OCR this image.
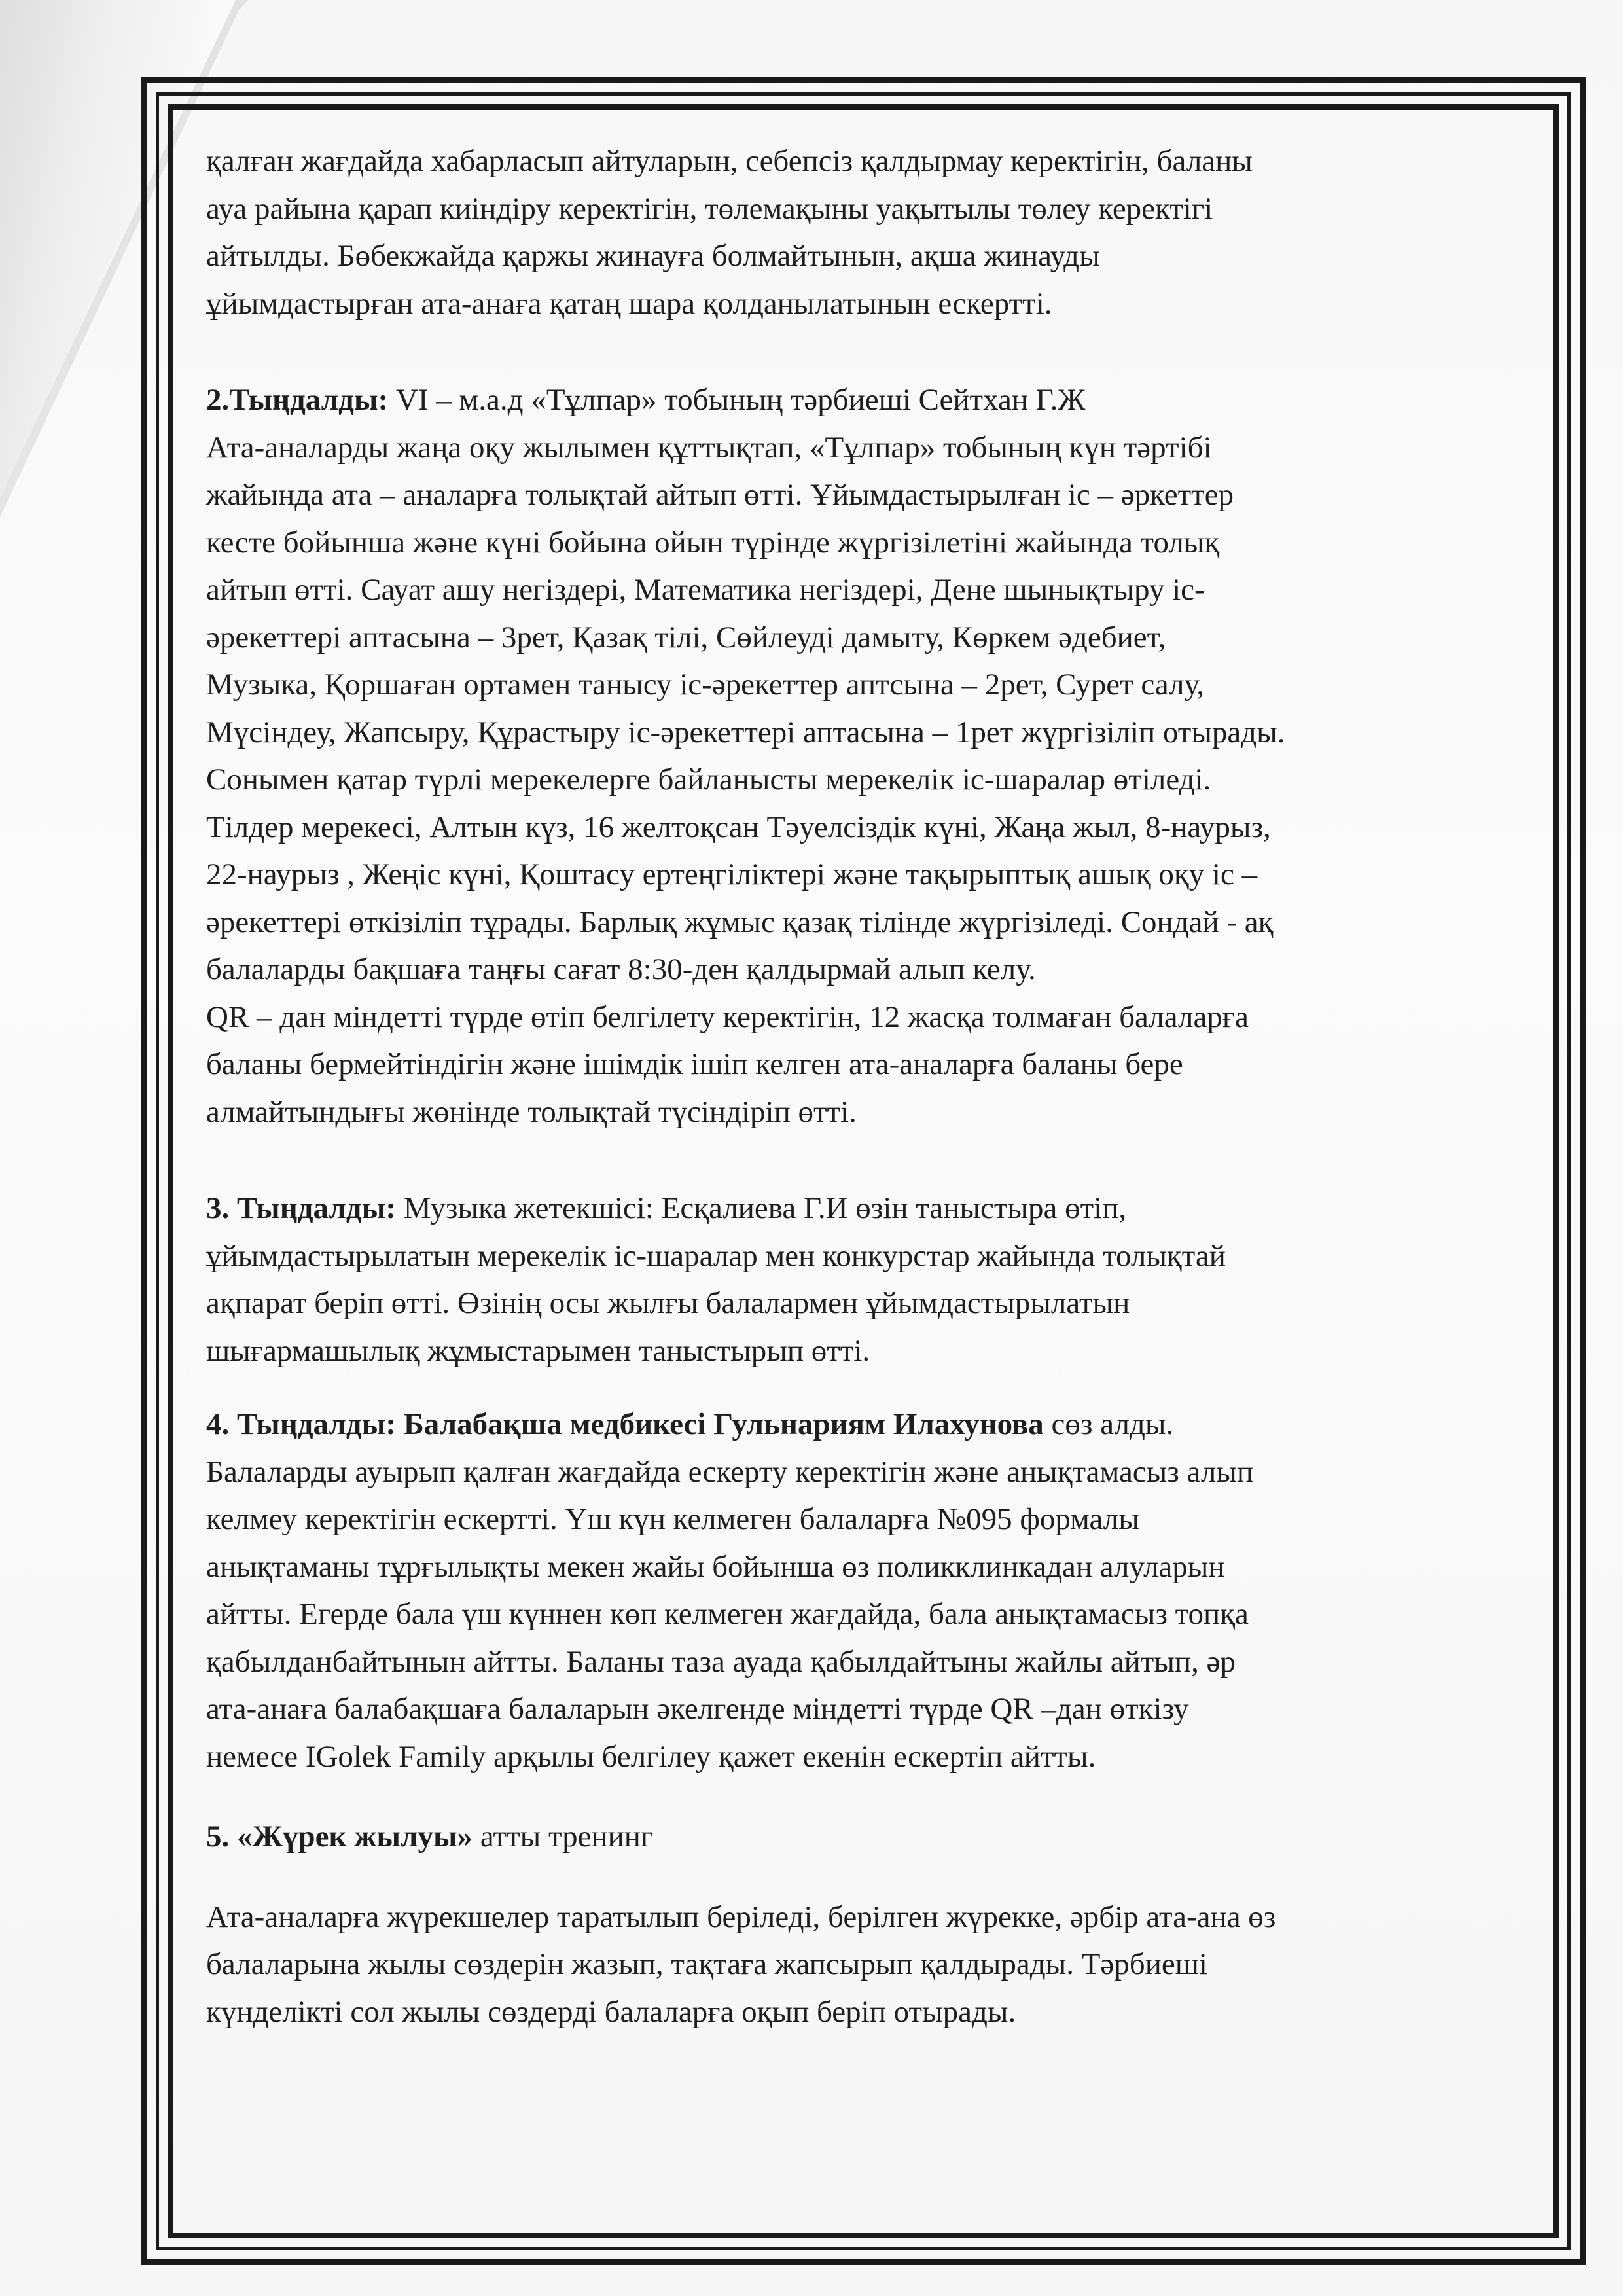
қалған жағдайда хабарласып айтуларын, себепсіз қалдырмау керектігін, баланы

ауа райына қарап киіндіру керектігін, төлемақыны уақытылы төлеу керектігі

айтылды. Бөбекжайда қаржы жинауға болмайтынын, ақша жинауды

ұйымдастырған ата-анаға қатаң шара қолданылатынын ескертті.

2.Тыңдалды: VI – м.а.д «Тұлпар» тобының тәрбиеші Сейтхан Г.Ж

Ата-аналарды жаңа оқу жылымен құттықтап, «Тұлпар» тобының күн тәртібі

жайында ата – аналарға толықтай айтып өтті. Ұйымдастырылған іс – әркеттер

кесте бойынша және күні бойына ойын түрінде жүргізілетіні жайында толық

айтып өтті. Сауат ашу негіздері, Математика негіздері, Дене шынықтыру іс-

әрекеттері аптасына – 3рет, Қазақ тілі, Сөйлеуді дамыту, Көркем әдебиет,

Музыка, Қоршаған ортамен танысу іс-әрекеттер аптсына – 2рет, Сурет салу,

Мүсіндеу, Жапсыру, Құрастыру іс-әрекеттері аптасына – 1рет жүргізіліп отырады.

Сонымен қатар түрлі мерекелерге байланысты мерекелік іс-шаралар өтіледі.

Тілдер мерекесі, Алтын күз, 16 желтоқсан Тәуелсіздік күні, Жаңа жыл, 8-наурыз,

22-наурыз , Жеңіс күні, Қоштасу ертеңгіліктері және тақырыптық ашық оқу іс –

әрекеттері өткізіліп тұрады. Барлық жұмыс қазақ тілінде жүргізіледі. Сондай - ақ

балаларды бақшаға таңғы сағат 8:30-ден қалдырмай алып келу.

QR – дан міндетті түрде өтіп белгілету керектігін, 12 жасқа толмаған балаларға

баланы бермейтіндігін және ішімдік ішіп келген ата-аналарға баланы бере

алмайтындығы жөнінде толықтай түсіндіріп өтті.

3. Тыңдалды: Музыка жетекшісі: Есқалиева Г.И өзін таныстыра өтіп,

ұйымдастырылатын мерекелік іс-шаралар мен конкурстар жайында толықтай

ақпарат беріп өтті. Өзінің осы жылғы балалармен ұйымдастырылатын

шығармашылық жұмыстарымен таныстырып өтті.

4. Тыңдалды: Балабақша медбикесі Гульнариям Илахунова сөз алды.

Балаларды ауырып қалған жағдайда ескерту керектігін және анықтамасыз алып

келмеу керектігін ескертті. Үш күн келмеген балаларға №095 формалы

анықтаманы тұрғылықты мекен жайы бойынша өз поликклинкадан алуларын

айтты. Егерде бала үш күннен көп келмеген жағдайда, бала анықтамасыз топқа

қабылданбайтынын айтты. Баланы таза ауада қабылдайтыны жайлы айтып, әр

ата-анаға балабақшаға балаларын әкелгенде міндетті түрде QR –дан өткізу

немесе IGolek Family арқылы белгілеу қажет екенін ескертіп айтты.

5. «Жүрек жылуы» атты тренинг

Ата-аналарға жүрекшелер таратылып беріледі, берілген жүрекке, әрбір ата-ана өз

балаларына жылы сөздерін жазып, тақтаға жапсырып қалдырады. Тәрбиеші

күнделікті сол жылы сөздерді балаларға оқып беріп отырады.
